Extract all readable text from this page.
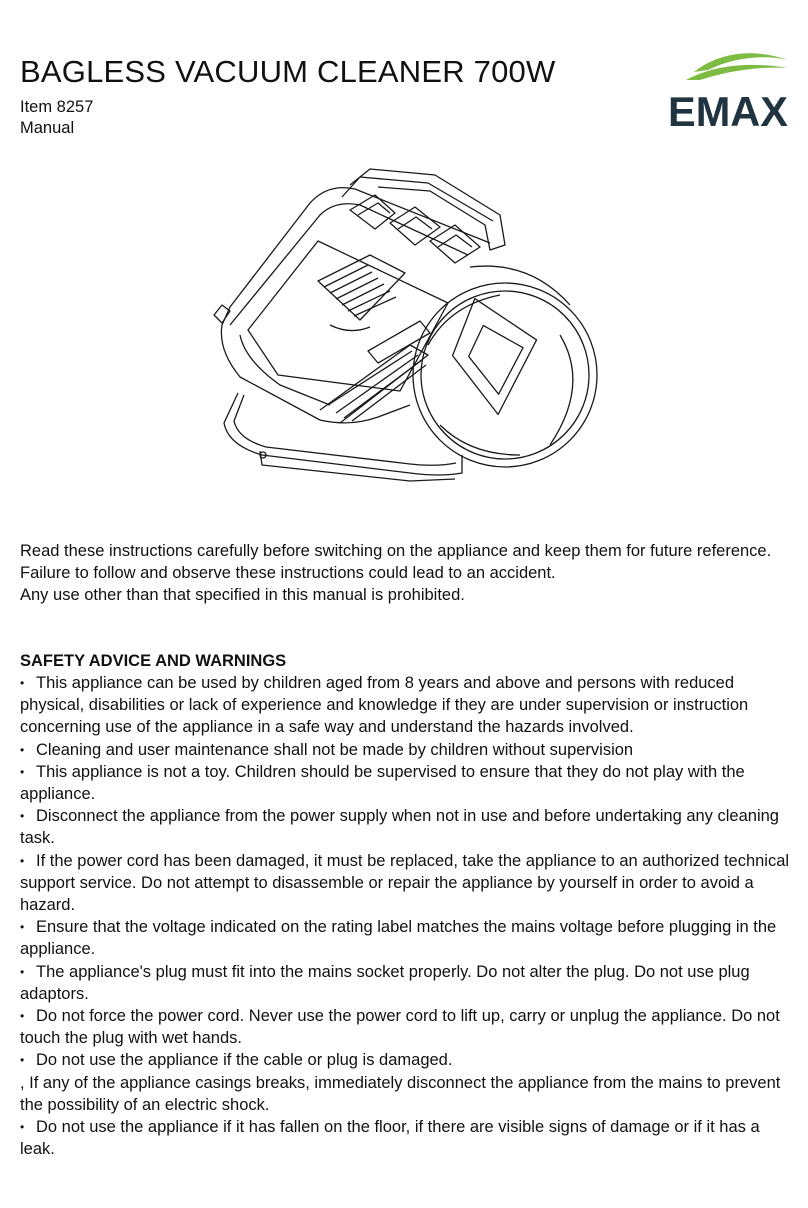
BAGLESS VACUUM CLEANER 700W
Item 8257
Manual	EMAX

Read these instructions carefully before switching on the appliance and keep them for future reference.

Failure to follow and observe these instructions could lead to an accident.

Any use other than that specified in this manual is prohibited.

SAFETY ADVICE AND WARNINGS
• This appliance can be used by children aged from 8 years and above and persons with reduced physical, disabilities or lack of experience and knowledge if they are under supervision or instruction concerning use of the appliance in a safe way and understand the hazards involved.
• Cleaning and user maintenance shall not be made by children without supervision
• This appliance is not a toy. Children should be supervised to ensure that they do not play with the appliance.
• Disconnect the appliance from the power supply when not in use and before undertaking any cleaning task.
• If the power cord has been damaged, it must be replaced, take the appliance to an authorized technical support service. Do not attempt to disassemble or repair the appliance by yourself in order to avoid a hazard.
• Ensure that the voltage indicated on the rating label matches the mains voltage before plugging in the appliance.
• The appliance's plug must fit into the mains socket properly. Do not alter the plug. Do not use plug adaptors.
• Do not force the power cord. Never use the power cord to lift up, carry or unplug the appliance. Do not touch the plug with wet hands.
• Do not use the appliance if the cable or plug is damaged.
, If any of the appliance casings breaks, immediately disconnect the appliance from the mains to prevent the possibility of an electric shock.
• Do not use the appliance if it has fallen on the floor, if there are visible signs of damage or if it has a leak.
